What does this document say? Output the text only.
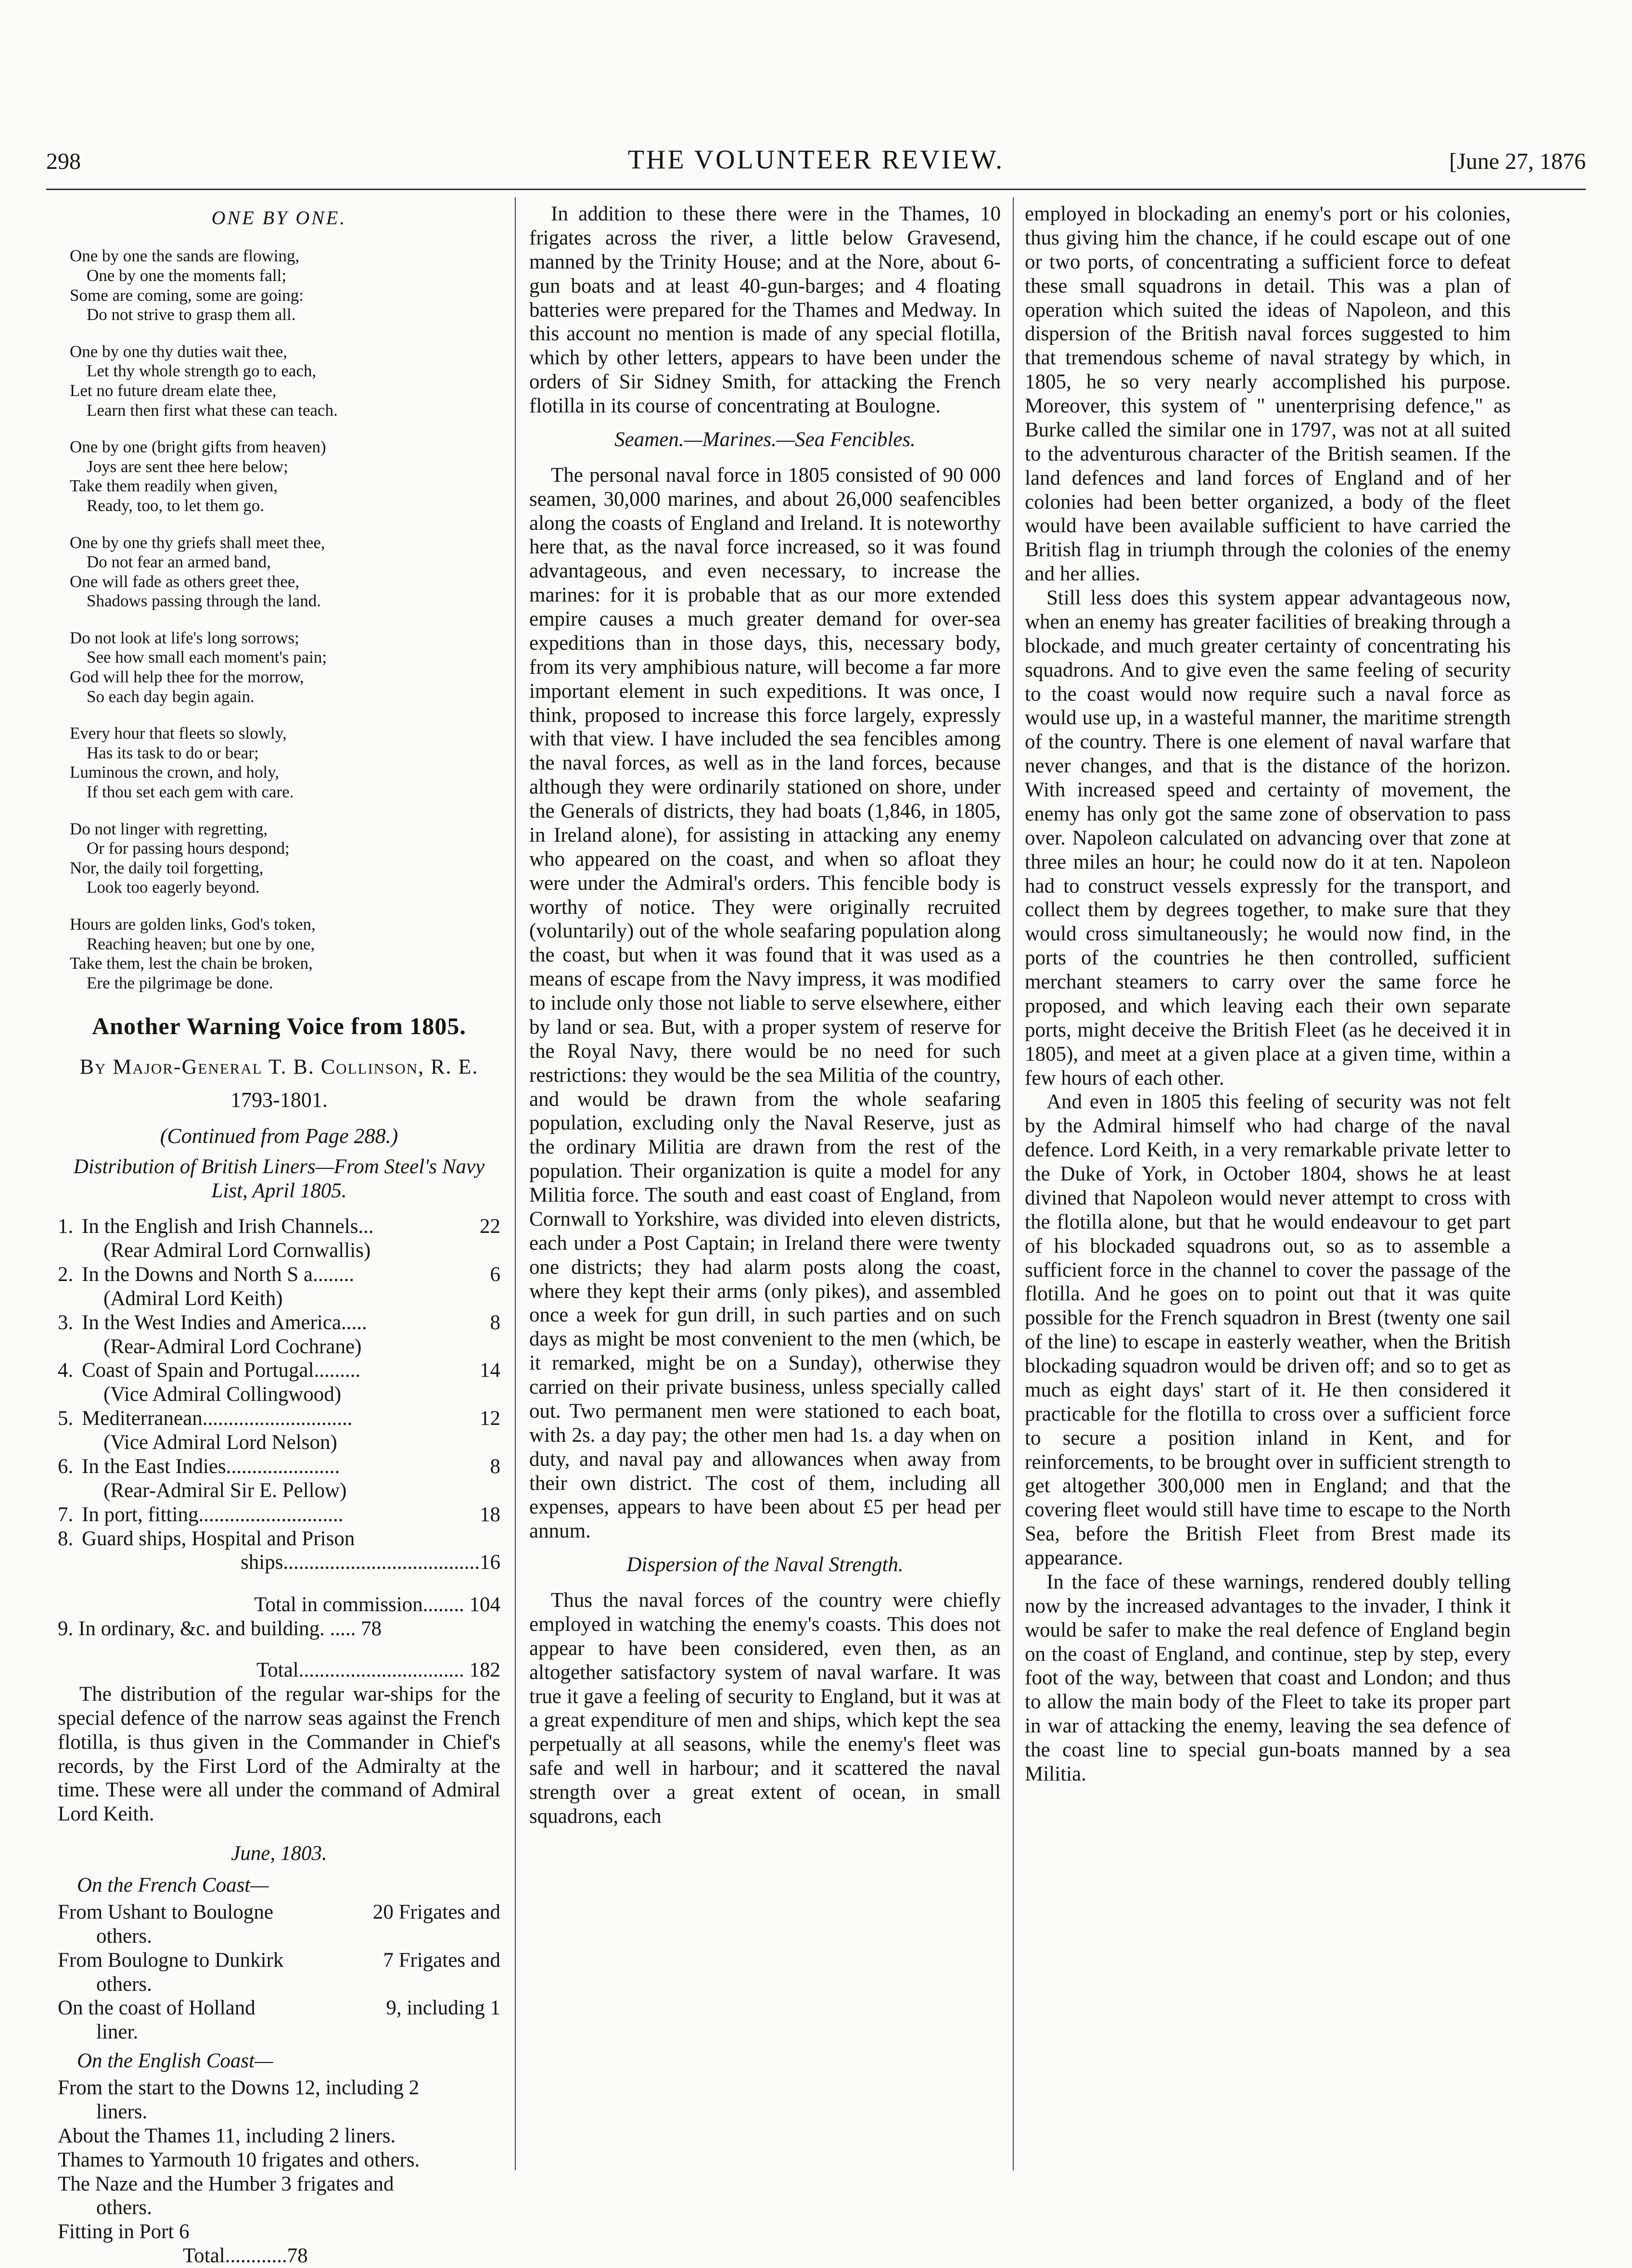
298	THE VOLUNTEER REVIEW.	[June 27, 1876
ONE BY ONE.
One by one the sands are flowing,
One by one the moments fall;
Some are coming, some are going:
Do not strive to grasp them all.
One by one thy duties wait thee,
Let thy whole strength go to each,
Let no future dream elate thee,
Learn then first what these can teach.
One by one (bright gifts from heaven)
Joys are sent thee here below;
Take them readily when given,
Ready, too, to let them go.
One by one thy griefs shall meet thee,
Do not fear an armed band,
One will fade as others greet thee,
Shadows passing through the land.
Do not look at life's long sorrows;
See how small each moment's pain;
God will help thee for the morrow,
So each day begin again.
Every hour that fleets so slowly,
Has its task to do or bear;
Luminous the crown, and holy,
If thou set each gem with care.
Do not linger with regretting,
Or for passing hours despond;
Nor, the daily toil forgetting,
Look too eagerly beyond.
Hours are golden links, God's token,
Reaching heaven; but one by one,
Take them, lest the chain be broken,
Ere the pilgrimage be done.
Another Warning Voice from 1805.
By Major-General T. B. Collinson, R. E.
1793-1801.
(Continued from Page 288.)
Distribution of British Liners—From Steel's Navy List, April 1805.
1. In the English and Irish Channels...	22
(Rear Admiral Lord Cornwallis)
2. In the Downs and North S a........	6
(Admiral Lord Keith)
3. In the West Indies and America.....	8
(Rear-Admiral Lord Cochrane)
4. Coast of Spain and Portugal.........	14
(Vice Admiral Collingwood)
5. Mediterranean.............................	12
(Vice Admiral Lord Nelson)
6. In the East Indies......................	8
(Rear-Admiral Sir E. Pellow)
7. In port, fitting............................	18
8. Guard ships, Hospital and Prison
ships......................................16
Total in commission........ 104
9. In ordinary, &c. and building. ..... 78
Total................................ 182

The distribution of the regular war-ships for the special defence of the narrow seas against the French flotilla, is thus given in the Commander in Chief's records, by the First Lord of the Admiralty at the time. These were all under the command of Admiral Lord Keith.

June, 1803.
On the French Coast—
From Ushant to Boulogne	20 Frigates and
others.
From Boulogne to Dunkirk	7 Frigates and
others.
On the coast of Holland	9, including 1
liner.
On the English Coast—
From the start to the Downs 12, including 2
liners.
About the Thames 11, including 2 liners.
Thames to Yarmouth 10 frigates and others.
The Naze and the Humber 3 frigates and
others.
Fitting in Port 6
Total............78

In addition to these there were in the Thames, 10 frigates across the river, a little below Gravesend, manned by the Trinity House; and at the Nore, about 6-gun boats and at least 40-gun-barges; and 4 floating batteries were prepared for the Thames and Medway. In this account no mention is made of any special flotilla, which by other letters, appears to have been under the orders of Sir Sidney Smith, for attacking the French flotilla in its course of concentrating at Boulogne.

Seamen.—Marines.—Sea Fencibles.

The personal naval force in 1805 consisted of 90 000 seamen, 30,000 marines, and about 26,000 seafencibles along the coasts of England and Ireland. It is noteworthy here that, as the naval force increased, so it was found advantageous, and even necessary, to increase the marines: for it is probable that as our more extended empire causes a much greater demand for over-sea expeditions than in those days, this, necessary body, from its very amphibious nature, will become a far more important element in such expeditions. It was once, I think, proposed to increase this force largely, expressly with that view. I have included the sea fencibles among the naval forces, as well as in the land forces, because although they were ordinarily stationed on shore, under the Generals of districts, they had boats (1,846, in 1805, in Ireland alone), for assisting in attacking any enemy who appeared on the coast, and when so afloat they were under the Admiral's orders. This fencible body is worthy of notice. They were originally recruited (voluntarily) out of the whole seafaring population along the coast, but when it was found that it was used as a means of escape from the Navy impress, it was modified to include only those not liable to serve elsewhere, either by land or sea. But, with a proper system of reserve for the Royal Navy, there would be no need for such restrictions: they would be the sea Militia of the country, and would be drawn from the whole seafaring population, excluding only the Naval Reserve, just as the ordinary Militia are drawn from the rest of the population. Their organization is quite a model for any Militia force. The south and east coast of England, from Cornwall to Yorkshire, was divided into eleven districts, each under a Post Captain; in Ireland there were twenty one districts; they had alarm posts along the coast, where they kept their arms (only pikes), and assembled once a week for gun drill, in such parties and on such days as might be most convenient to the men (which, be it remarked, might be on a Sunday), otherwise they carried on their private business, unless specially called out. Two permanent men were stationed to each boat, with 2s. a day pay; the other men had 1s. a day when on duty, and naval pay and allowances when away from their own district. The cost of them, including all expenses, appears to have been about £5 per head per annum.

Dispersion of the Naval Strength.

Thus the naval forces of the country were chiefly employed in watching the enemy's coasts. This does not appear to have been considered, even then, as an altogether satisfactory system of naval warfare. It was true it gave a feeling of security to England, but it was at a great expenditure of men and ships, which kept the sea perpetually at all seasons, while the enemy's fleet was safe and well in harbour; and it scattered the naval strength over a great extent of ocean, in small squadrons, each

employed in blockading an enemy's port or his colonies, thus giving him the chance, if he could escape out of one or two ports, of concentrating a sufficient force to defeat these small squadrons in detail. This was a plan of operation which suited the ideas of Napoleon, and this dispersion of the British naval forces suggested to him that tremendous scheme of naval strategy by which, in 1805, he so very nearly accomplished his purpose. Moreover, this system of " unenterprising defence," as Burke called the similar one in 1797, was not at all suited to the adventurous character of the British seamen. If the land defences and land forces of England and of her colonies had been better organized, a body of the fleet would have been available sufficient to have carried the British flag in triumph through the colonies of the enemy and her allies.

Still less does this system appear advantageous now, when an enemy has greater facilities of breaking through a blockade, and much greater certainty of concentrating his squadrons. And to give even the same feeling of security to the coast would now require such a naval force as would use up, in a wasteful manner, the maritime strength of the country. There is one element of naval warfare that never changes, and that is the distance of the horizon. With increased speed and certainty of movement, the enemy has only got the same zone of observation to pass over. Napoleon calculated on advancing over that zone at three miles an hour; he could now do it at ten. Napoleon had to construct vessels expressly for the transport, and collect them by degrees together, to make sure that they would cross simultaneously; he would now find, in the ports of the countries he then controlled, sufficient merchant steamers to carry over the same force he proposed, and which leaving each their own separate ports, might deceive the British Fleet (as he deceived it in 1805), and meet at a given place at a given time, within a few hours of each other.

And even in 1805 this feeling of security was not felt by the Admiral himself who had charge of the naval defence. Lord Keith, in a very remarkable private letter to the Duke of York, in October 1804, shows he at least divined that Napoleon would never attempt to cross with the flotilla alone, but that he would endeavour to get part of his blockaded squadrons out, so as to assemble a sufficient force in the channel to cover the passage of the flotilla. And he goes on to point out that it was quite possible for the French squadron in Brest (twenty one sail of the line) to escape in easterly weather, when the British blockading squadron would be driven off; and so to get as much as eight days' start of it. He then considered it practicable for the flotilla to cross over a sufficient force to secure a position inland in Kent, and for reinforcements, to be brought over in sufficient strength to get altogether 300,000 men in England; and that the covering fleet would still have time to escape to the North Sea, before the British Fleet from Brest made its appearance.

In the face of these warnings, rendered doubly telling now by the increased advantages to the invader, I think it would be safer to make the real defence of England begin on the coast of England, and continue, step by step, every foot of the way, between that coast and London; and thus to allow the main body of the Fleet to take its proper part in war of attacking the enemy, leaving the sea defence of the coast line to special gun-boats manned by a sea Militia.
